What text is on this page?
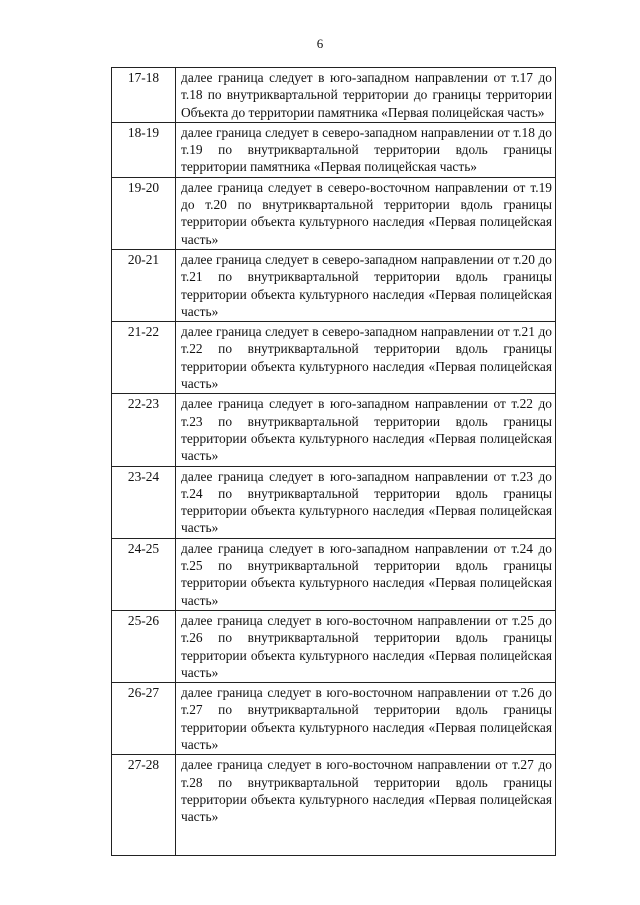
6
17-18	далее граница следует в юго-западном направлении от т.17 до т.18 по внутриквартальной территории до границы территории Объекта до территории памятника «Первая полицейская часть»

18-19	далее граница следует в северо-западном направлении от т.18 до т.19 по внутриквартальной территории вдоль границы территории памятника «Первая полицейская часть»

19-20	далее граница следует в северо-восточном направлении от т.19 до т.20 по внутриквартальной территории вдоль границы территории объекта культурного наследия «Первая полицейская часть»

20-21	далее граница следует в северо-западном направлении от т.20 до т.21 по внутриквартальной территории вдоль границы территории объекта культурного наследия «Первая полицейская часть»

21-22	далее граница следует в северо-западном направлении от т.21 до т.22 по внутриквартальной территории вдоль границы территории объекта культурного наследия «Первая полицейская часть»

22-23	далее граница следует в юго-западном направлении от т.22 до т.23 по внутриквартальной территории вдоль границы территории объекта культурного наследия «Первая полицейская часть»

23-24	далее граница следует в юго-западном направлении от т.23 до т.24 по внутриквартальной территории вдоль границы территории объекта культурного наследия «Первая полицейская часть»

24-25	далее граница следует в юго-западном направлении от т.24 до т.25 по внутриквартальной территории вдоль границы территории объекта культурного наследия «Первая полицейская часть»

25-26	далее граница следует в юго-восточном направлении от т.25 до т.26 по внутриквартальной территории вдоль границы территории объекта культурного наследия «Первая полицейская часть»

26-27	далее граница следует в юго-восточном направлении от т.26 до т.27 по внутриквартальной территории вдоль границы территории объекта культурного наследия «Первая полицейская часть»

27-28	далее граница следует в юго-восточном направлении от т.27 до т.28 по внутриквартальной территории вдоль границы территории объекта культурного наследия «Первая полицейская часть»
